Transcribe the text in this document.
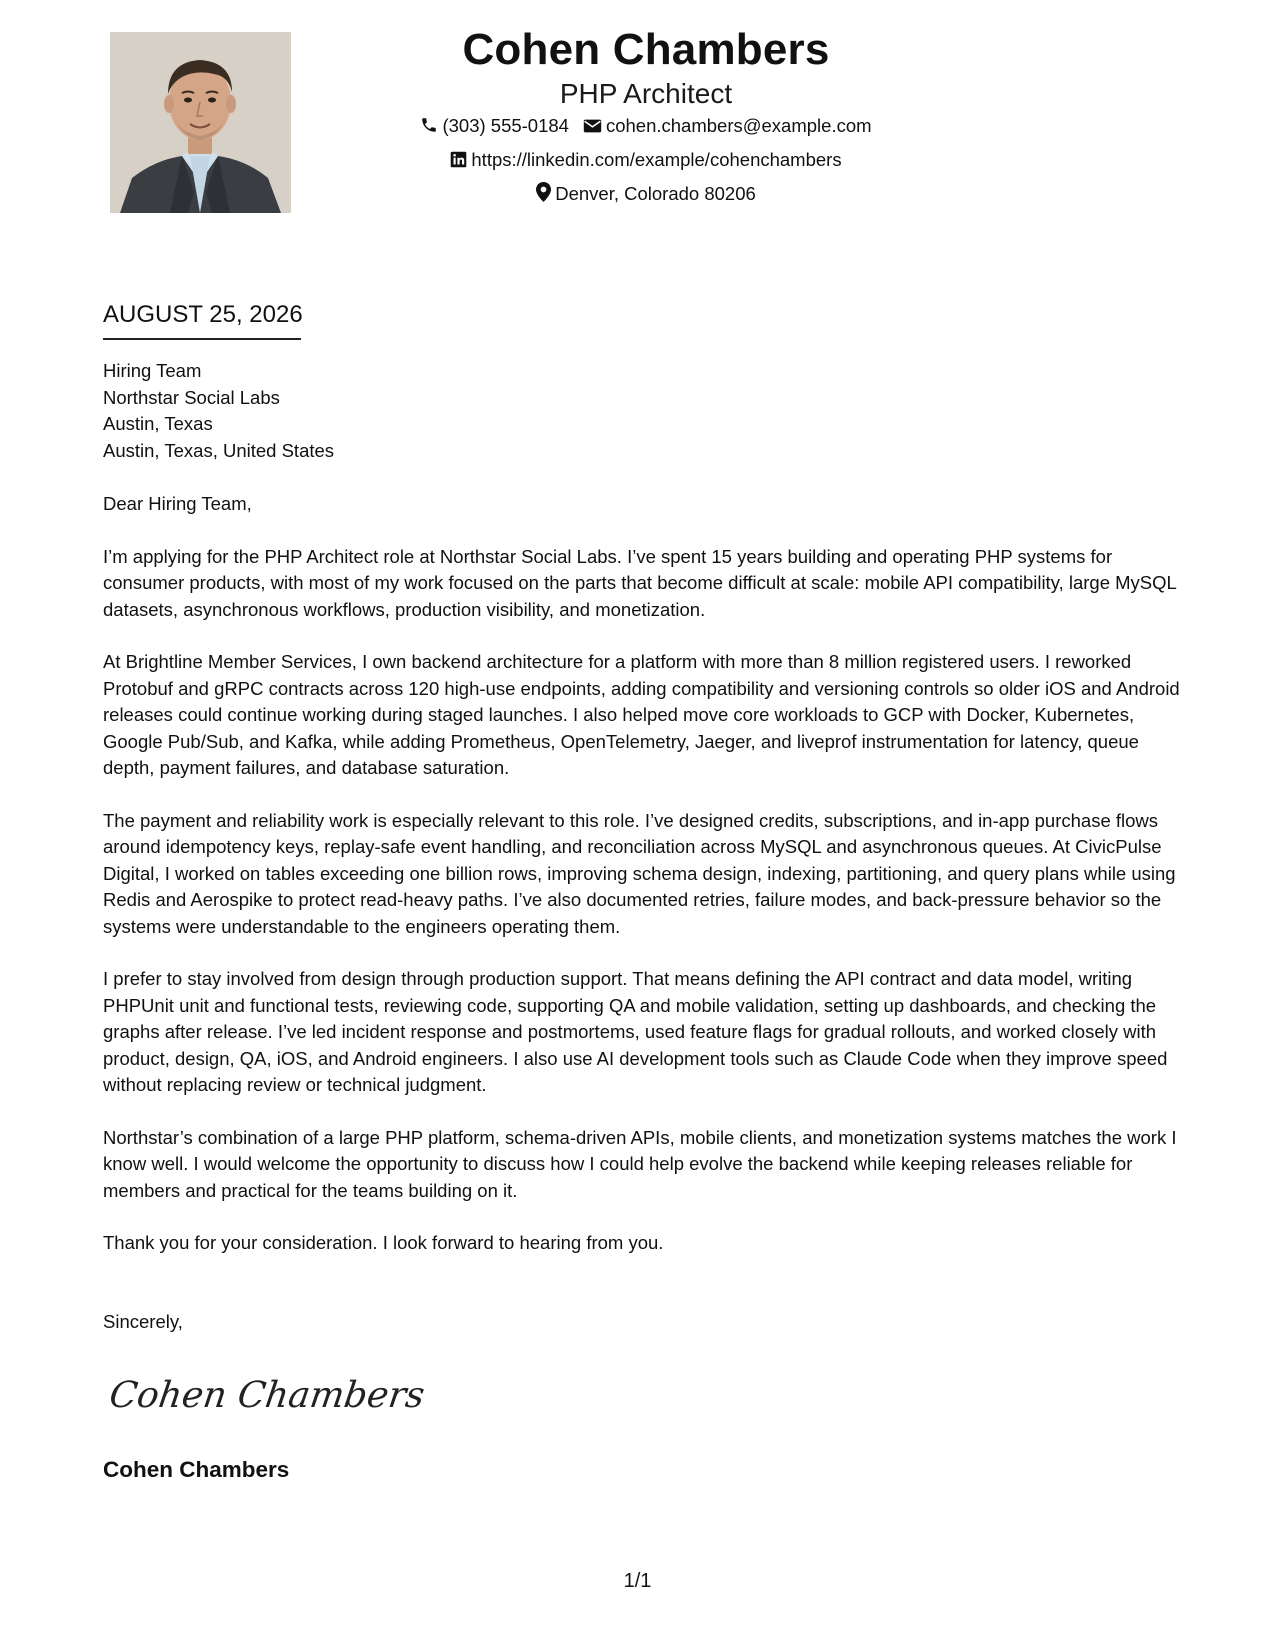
Cohen Chambers
PHP Architect
(303) 555-0184 cohen.chambers@example.com
https://linkedin.com/example/cohenchambers
Denver, Colorado 80206
AUGUST 25, 2026
Hiring Team
Northstar Social Labs
Austin, Texas
Austin, Texas, United States

Dear Hiring Team,

I’m applying for the PHP Architect role at Northstar Social Labs. I’ve spent 15 years building and operating PHP systems for consumer products, with most of my work focused on the parts that become difficult at scale: mobile API compatibility, large MySQL datasets, asynchronous workflows, production visibility, and monetization.

At Brightline Member Services, I own backend architecture for a platform with more than 8 million registered users. I reworked Protobuf and gRPC contracts across 120 high-use endpoints, adding compatibility and versioning controls so older iOS and Android releases could continue working during staged launches. I also helped move core workloads to GCP with Docker, Kubernetes, Google Pub/Sub, and Kafka, while adding Prometheus, OpenTelemetry, Jaeger, and liveprof instrumentation for latency, queue depth, payment failures, and database saturation.

The payment and reliability work is especially relevant to this role. I’ve designed credits, subscriptions, and in-app purchase flows around idempotency keys, replay-safe event handling, and reconciliation across MySQL and asynchronous queues. At CivicPulse Digital, I worked on tables exceeding one billion rows, improving schema design, indexing, partitioning, and query plans while using Redis and Aerospike to protect read-heavy paths. I’ve also documented retries, failure modes, and back-pressure behavior so the systems were understandable to the engineers operating them.

I prefer to stay involved from design through production support. That means defining the API contract and data model, writing PHPUnit unit and functional tests, reviewing code, supporting QA and mobile validation, setting up dashboards, and checking the graphs after release. I’ve led incident response and postmortems, used feature flags for gradual rollouts, and worked closely with product, design, QA, iOS, and Android engineers. I also use AI development tools such as Claude Code when they improve speed without replacing review or technical judgment.

Northstar’s combination of a large PHP platform, schema-driven APIs, mobile clients, and monetization systems matches the work I know well. I would welcome the opportunity to discuss how I could help evolve the backend while keeping releases reliable for members and practical for the teams building on it.

Thank you for your consideration. I look forward to hearing from you.

Sincerely,
Cohen Chambers
Cohen Chambers
1/1
